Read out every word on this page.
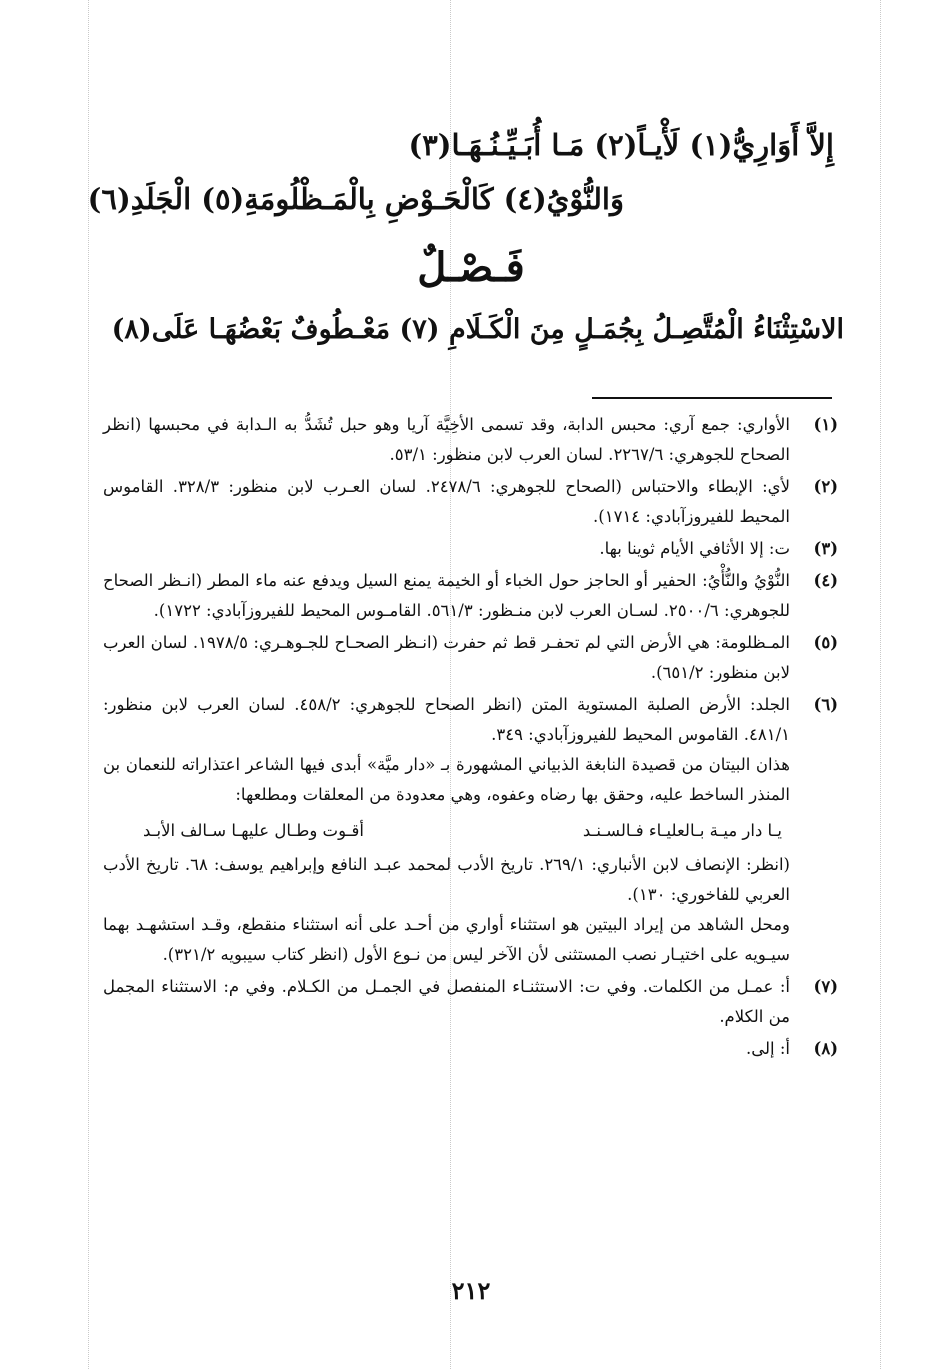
إِلاَّ أَوَارِيُّ(١) لَأْيـاً(٢) مَـا أُبَـيِّـنُـهَـا(٣)
وَالنُّوْيُ(٤) كَالْحَـوْضِ بِالْمَـظْلُومَةِ(٥) الْجَلَدِ(٦)
فَـصْـلٌ
الاسْتِثْنَاءُ الْمُتَّصِـلُ بِجُمَـلٍ مِنَ الْكَـلَامِ (٧) مَعْـطُوفٌ بَعْضُهَـا عَلَى(٨)
(١)

الأواري: جمع آري: محبس الدابة، وقد تسمى الأخِيَّة آريا وهو حبل تُشَدُّ به الـدابة في محبسها (انظر الصحاح للجوهري: ٢٢٦٧/٦. لسان العرب لابن منظور: ٥٣/١.

(٢)

لأي: الإبطاء والاحتباس (الصحاح للجوهري: ٢٤٧٨/٦. لسان العـرب لابن منظور: ٣٢٨/٣. القاموس المحيط للفيروزآبادي: ١٧١٤).

(٣)

ت: إلا الأثافي الأيام ثوينا بها.

(٤)

النُّوْيُ والنُّأْيُ: الحفير أو الحاجز حول الخباء أو الخيمة يمنع السيل ويدفع عنه ماء المطر (انـظر الصحاح للجوهري: ٢٥٠٠/٦. لسـان العرب لابن منـظور: ٥٦١/٣. القامـوس المحيط للفيروزآبادي: ١٧٢٢).

(٥)

المـظلومة: هي الأرض التي لم تحفـر قط ثم حفرت (انـظر الصحـاح للجـوهـري: ١٩٧٨/٥. لسان العرب لابن منظور: ٦٥١/٢).

(٦)

الجلد: الأرض الصلبة المستوية المتن (انظر الصحاح للجوهري: ٤٥٨/٢. لسان العرب لابن منظور: ٤٨١/١. القاموس المحيط للفيروزآبادي: ٣٤٩.

هذان البيتان من قصيدة النابغة الذبياني المشهورة بـ «دار ميَّة» أبدى فيها الشاعر اعتذاراته للنعمان بن المنذر الساخط عليه، وحقق بها رضاه وعفوه، وهي معدودة من المعلقات ومطلعها:

يـا دار ميـة بـالعليـاء فـالسـنـد
أقـوت وطـال عليهـا سـالف الأبـد

(انظر: الإنصاف لابن الأنباري: ٢٦٩/١. تاريخ الأدب لمحمد عبـد النافع وإبراهيم يوسف: ٦٨. تاريخ الأدب العربي للفاخوري: ١٣٠).

ومحل الشاهد من إيراد البيتين هو استثناء أواري من أحـد على أنه استثناء منقطع، وقـد استشهـد بهما سيـويه على اختيـار نصب المستثنى لأن الآخر ليس من نـوع الأول (انظر كتاب سيبويه ٣٢١/٢).

(٧)

أ: عمـل من الكلمات. وفي ت: الاستثنـاء المنفصل في الجمـل من الكـلام. وفي م: الاستثناء المجمل من الكلام.

(٨)

أ: إلى.

٢١٢
